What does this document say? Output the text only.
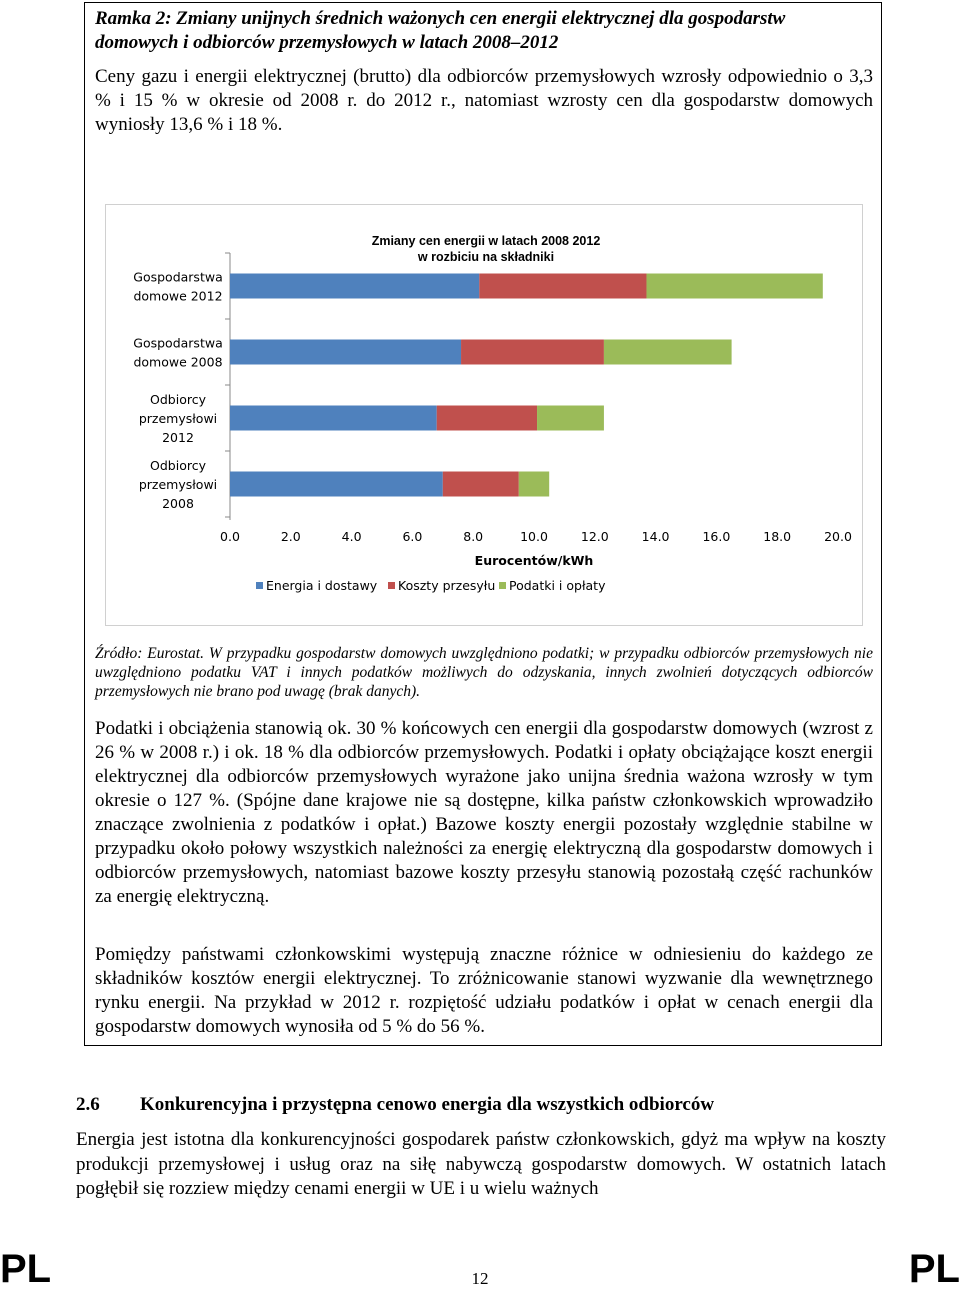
Ramka 2: Zmiany unijnych średnich ważonych cen energii elektrycznej dla gospodarstw domowych i odbiorców przemysłowych w latach 2008–2012
Ceny gazu i energii elektrycznej (brutto) dla odbiorców przemysłowych wzrosły odpowiednio o 3,3 % i 15 % w okresie od 2008 r. do 2012 r., natomiast wzrosty cen dla gospodarstw domowych wyniosły 13,6 % i 18 %.
Zmiany cen energii w latach 2008 2012
w rozbiciu na składniki
Gospodarstwa
domowe 2012
Gospodarstwa
domowe 2008
Odbiorcy
przemysłowi
2012
Odbiorcy
przemysłowi
2008
0.0	2.0	4.0	6.0	8.0	10.0	12.0	14.0	16.0	18.0	20.0
Eurocentów/kWh
Energia i dostawy Koszty przesyłu Podatki i opłaty
Źródło: Eurostat. W przypadku gospodarstw domowych uwzględniono podatki; w przypadku odbiorców przemysłowych nie uwzględniono podatku VAT i innych podatków możliwych do odzyskania, innych zwolnień dotyczących odbiorców przemysłowych nie brano pod uwagę (brak danych).
Podatki i obciążenia stanowią ok. 30 % końcowych cen energii dla gospodarstw domowych (wzrost z 26 % w 2008 r.) i ok. 18 % dla odbiorców przemysłowych. Podatki i opłaty obciążające koszt energii elektrycznej dla odbiorców przemysłowych wyrażone jako unijna średnia ważona wzrosły w tym okresie o 127 %. (Spójne dane krajowe nie są dostępne, kilka państw członkowskich wprowadziło znaczące zwolnienia z podatków i opłat.) Bazowe koszty energii pozostały względnie stabilne w przypadku około połowy wszystkich należności za energię elektryczną dla gospodarstw domowych i odbiorców przemysłowych, natomiast bazowe koszty przesyłu stanowią pozostałą część rachunków za energię elektryczną.
Pomiędzy państwami członkowskimi występują znaczne różnice w odniesieniu do każdego ze składników kosztów energii elektrycznej. To zróżnicowanie stanowi wyzwanie dla wewnętrznego rynku energii. Na przykład w 2012 r. rozpiętość udziału podatków i opłat w cenach energii dla gospodarstw domowych wynosiła od 5 % do 56 %.
2.6 Konkurencyjna i przystępna cenowo energia dla wszystkich odbiorców
Energia jest istotna dla konkurencyjności gospodarek państw członkowskich, gdyż ma wpływ na koszty produkcji przemysłowej i usług oraz na siłę nabywczą gospodarstw domowych. W ostatnich latach pogłębił się rozziew między cenami energii w UE i u wielu ważnych
PL	12	PL
